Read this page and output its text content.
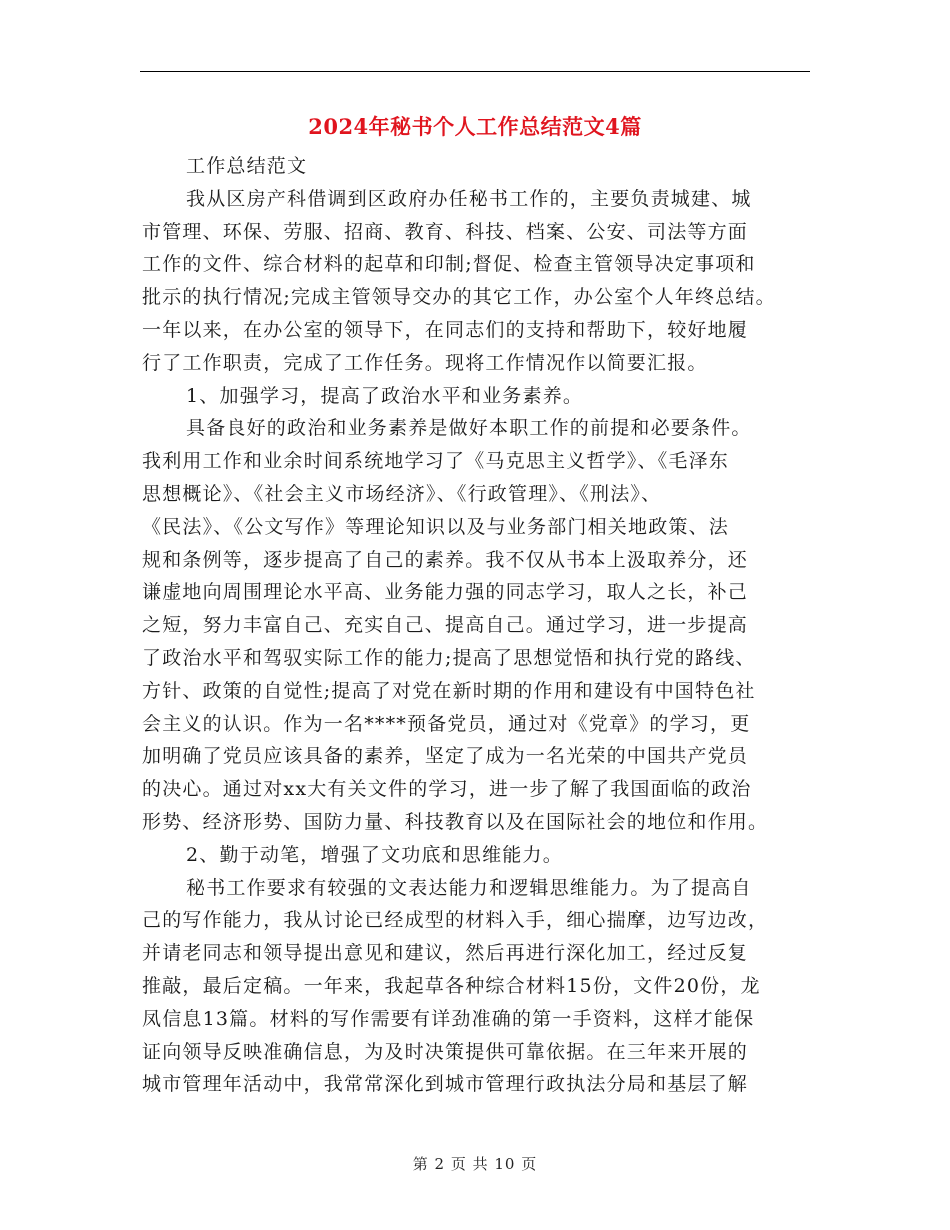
2024年秘书个人工作总结范文4篇
工作总结范文
我从区房产科借调到区政府办任秘书工作的，主要负责城建、城
市管理、环保、劳服、招商、教育、科技、档案、公安、司法等方面
工作的文件、综合材料的起草和印制;督促、检查主管领导决定事项和
批示的执行情况;完成主管领导交办的其它工作，办公室个人年终总结。
一年以来，在办公室的领导下，在同志们的支持和帮助下，较好地履
行了工作职责，完成了工作任务。现将工作情况作以简要汇报。
1、加强学习，提高了政治水平和业务素养。
具备良好的政治和业务素养是做好本职工作的前提和必要条件。
我利用工作和业余时间系统地学习了《马克思主义哲学》、《毛泽东
思想概论》、《社会主义市场经济》、《行政管理》、《刑法》、
《民法》、《公文写作》等理论知识以及与业务部门相关地政策、法
规和条例等，逐步提高了自己的素养。我不仅从书本上汲取养分，还
谦虚地向周围理论水平高、业务能力强的同志学习，取人之长，补己
之短，努力丰富自己、充实自己、提高自己。通过学习，进一步提高
了政治水平和驾驭实际工作的能力;提高了思想觉悟和执行党的路线、
方针、政策的自觉性;提高了对党在新时期的作用和建设有中国特色社
会主义的认识。作为一名****预备党员，通过对《党章》的学习，更
加明确了党员应该具备的素养，坚定了成为一名光荣的中国共产党员
的决心。通过对xx大有关文件的学习，进一步了解了我国面临的政治
形势、经济形势、国防力量、科技教育以及在国际社会的地位和作用。
2、勤于动笔，增强了文功底和思维能力。
秘书工作要求有较强的文表达能力和逻辑思维能力。为了提高自
己的写作能力，我从讨论已经成型的材料入手，细心揣摩，边写边改，
并请老同志和领导提出意见和建议，然后再进行深化加工，经过反复
推敲，最后定稿。一年来，我起草各种综合材料15份，文件20份，龙
凤信息13篇。材料的写作需要有详劲准确的第一手资料，这样才能保
证向领导反映准确信息，为及时决策提供可靠依据。在三年来开展的
城市管理年活动中，我常常深化到城市管理行政执法分局和基层了解
第 2 页 共 10 页
